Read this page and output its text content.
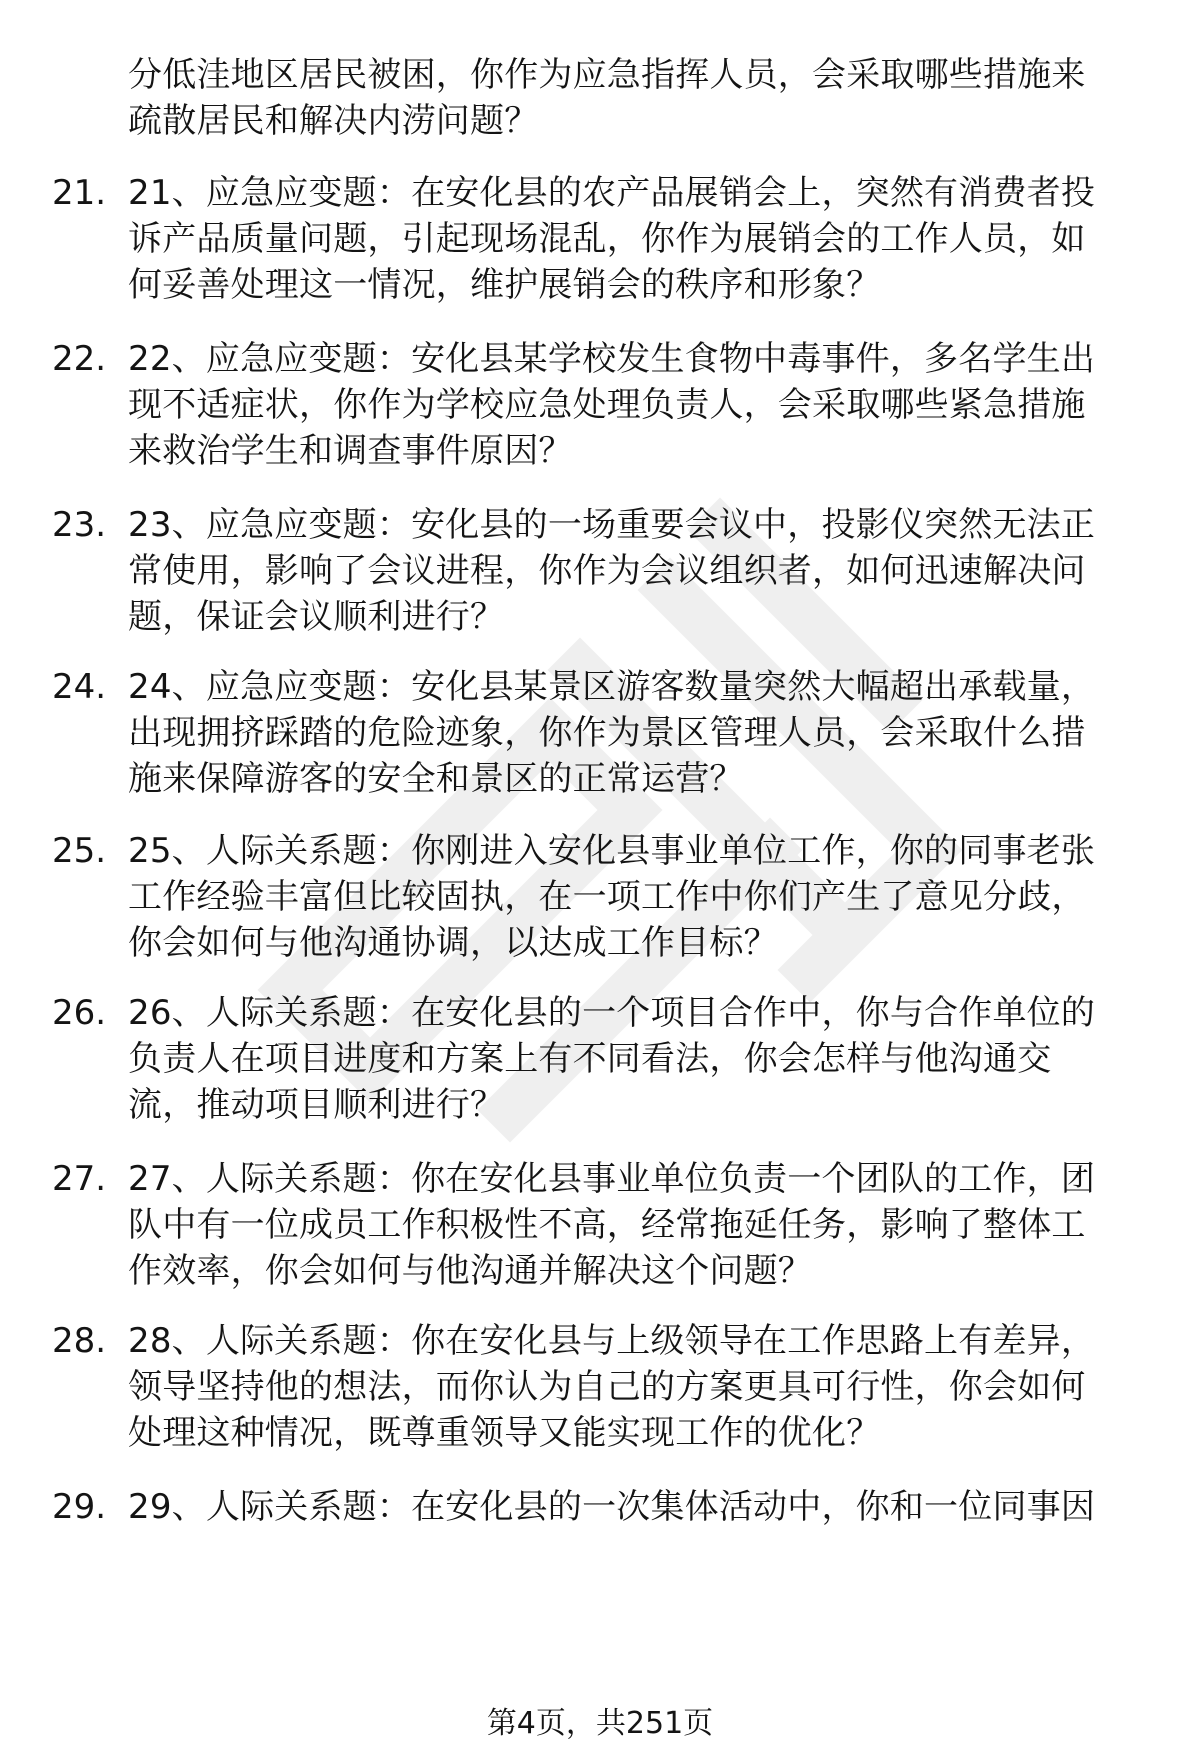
分低洼地区居民被困，你作为应急指挥人员，会采取哪些措施来
疏散居民和解决内涝问题？
21. 21、应急应变题：在安化县的农产品展销会上，突然有消费者投
诉产品质量问题，引起现场混乱，你作为展销会的工作人员，如
何妥善处理这一情况，维护展销会的秩序和形象？
22. 22、应急应变题：安化县某学校发生食物中毒事件，多名学生出
现不适症状，你作为学校应急处理负责人，会采取哪些紧急措施
来救治学生和调查事件原因？
23. 23、应急应变题：安化县的一场重要会议中，投影仪突然无法正
常使用，影响了会议进程，你作为会议组织者，如何迅速解决问
题，保证会议顺利进行？
24. 24、应急应变题：安化县某景区游客数量突然大幅超出承载量，
出现拥挤踩踏的危险迹象，你作为景区管理人员，会采取什么措
施来保障游客的安全和景区的正常运营？
25. 25、人际关系题：你刚进入安化县事业单位工作，你的同事老张
工作经验丰富但比较固执，在一项工作中你们产生了意见分歧，
你会如何与他沟通协调，以达成工作目标？
26. 26、人际关系题：在安化县的一个项目合作中，你与合作单位的
负责人在项目进度和方案上有不同看法，你会怎样与他沟通交
流，推动项目顺利进行？
27. 27、人际关系题：你在安化县事业单位负责一个团队的工作，团
队中有一位成员工作积极性不高，经常拖延任务，影响了整体工
作效率，你会如何与他沟通并解决这个问题？
28. 28、人际关系题：你在安化县与上级领导在工作思路上有差异，
领导坚持他的想法，而你认为自己的方案更具可行性，你会如何
处理这种情况，既尊重领导又能实现工作的优化？
29. 29、人际关系题：在安化县的一次集体活动中，你和一位同事因
第4页，共251页
